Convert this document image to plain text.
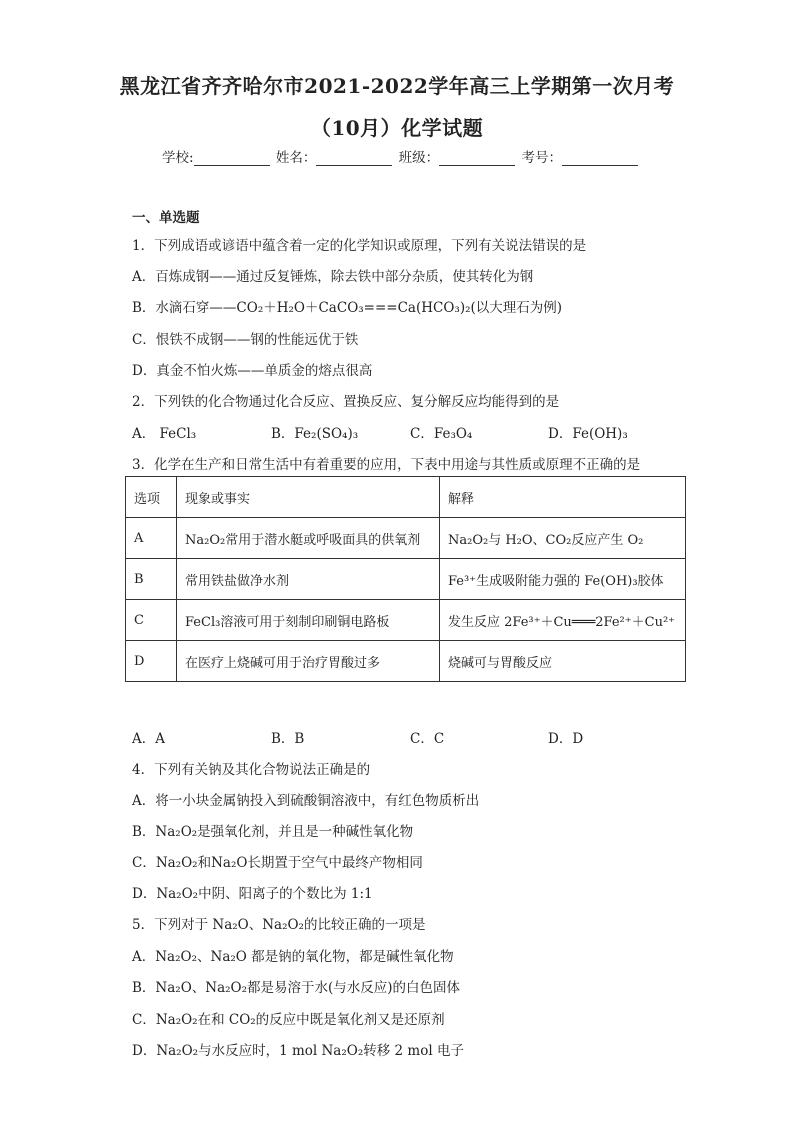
黑龙江省齐齐哈尔市2021-2022学年高三上学期第一次月考
（10月）化学试题
学校:	姓名：	班级：	考号：
一、单选题
1．下列成语或谚语中蕴含着一定的化学知识或原理，下列有关说法错误的是
A．百炼成钢——通过反复锤炼，除去铁中部分杂质，使其转化为钢
B．水滴石穿——CO₂＋H₂O＋CaCO₃===Ca(HCO₃)₂(以大理石为例)
C．恨铁不成钢——钢的性能远优于铁
D．真金不怕火炼——单质金的熔点很高
2．下列铁的化合物通过化合反应、置换反应、复分解反应均能得到的是
A． FeCl₃	B．Fe₂(SO₄)₃	C．Fe₃O₄	D．Fe(OH)₃
3．化学在生产和日常生活中有着重要的应用，下表中用途与其性质或原理不正确的是
选项	现象或事实	解释
A	Na₂O₂常用于潜水艇或呼吸面具的供氧剂	Na₂O₂与 H₂O、CO₂反应产生 O₂
B	常用铁盐做净水剂	Fe³⁺生成吸附能力强的 Fe(OH)₃胶体
C	FeCl₃溶液可用于刻制印刷铜电路板	发生反应 2Fe³⁺＋Cu═══2Fe²⁺＋Cu²⁺
D	在医疗上烧碱可用于治疗胃酸过多	烧碱可与胃酸反应
A．A	B．B	C．C	D．D
4．下列有关钠及其化合物说法正确是的
A．将一小块金属钠投入到硫酸铜溶液中，有红色物质析出
B．Na₂O₂是强氧化剂，并且是一种碱性氧化物
C．Na₂O₂和Na₂O长期置于空气中最终产物相同
D．Na₂O₂中阴、阳离子的个数比为 1:1
5．下列对于 Na₂O、Na₂O₂的比较正确的一项是
A．Na₂O₂、Na₂O 都是钠的氧化物，都是碱性氧化物
B．Na₂O、Na₂O₂都是易溶于水(与水反应)的白色固体
C．Na₂O₂在和 CO₂的反应中既是氧化剂又是还原剂
D．Na₂O₂与水反应时，1 mol Na₂O₂转移 2 mol 电子
